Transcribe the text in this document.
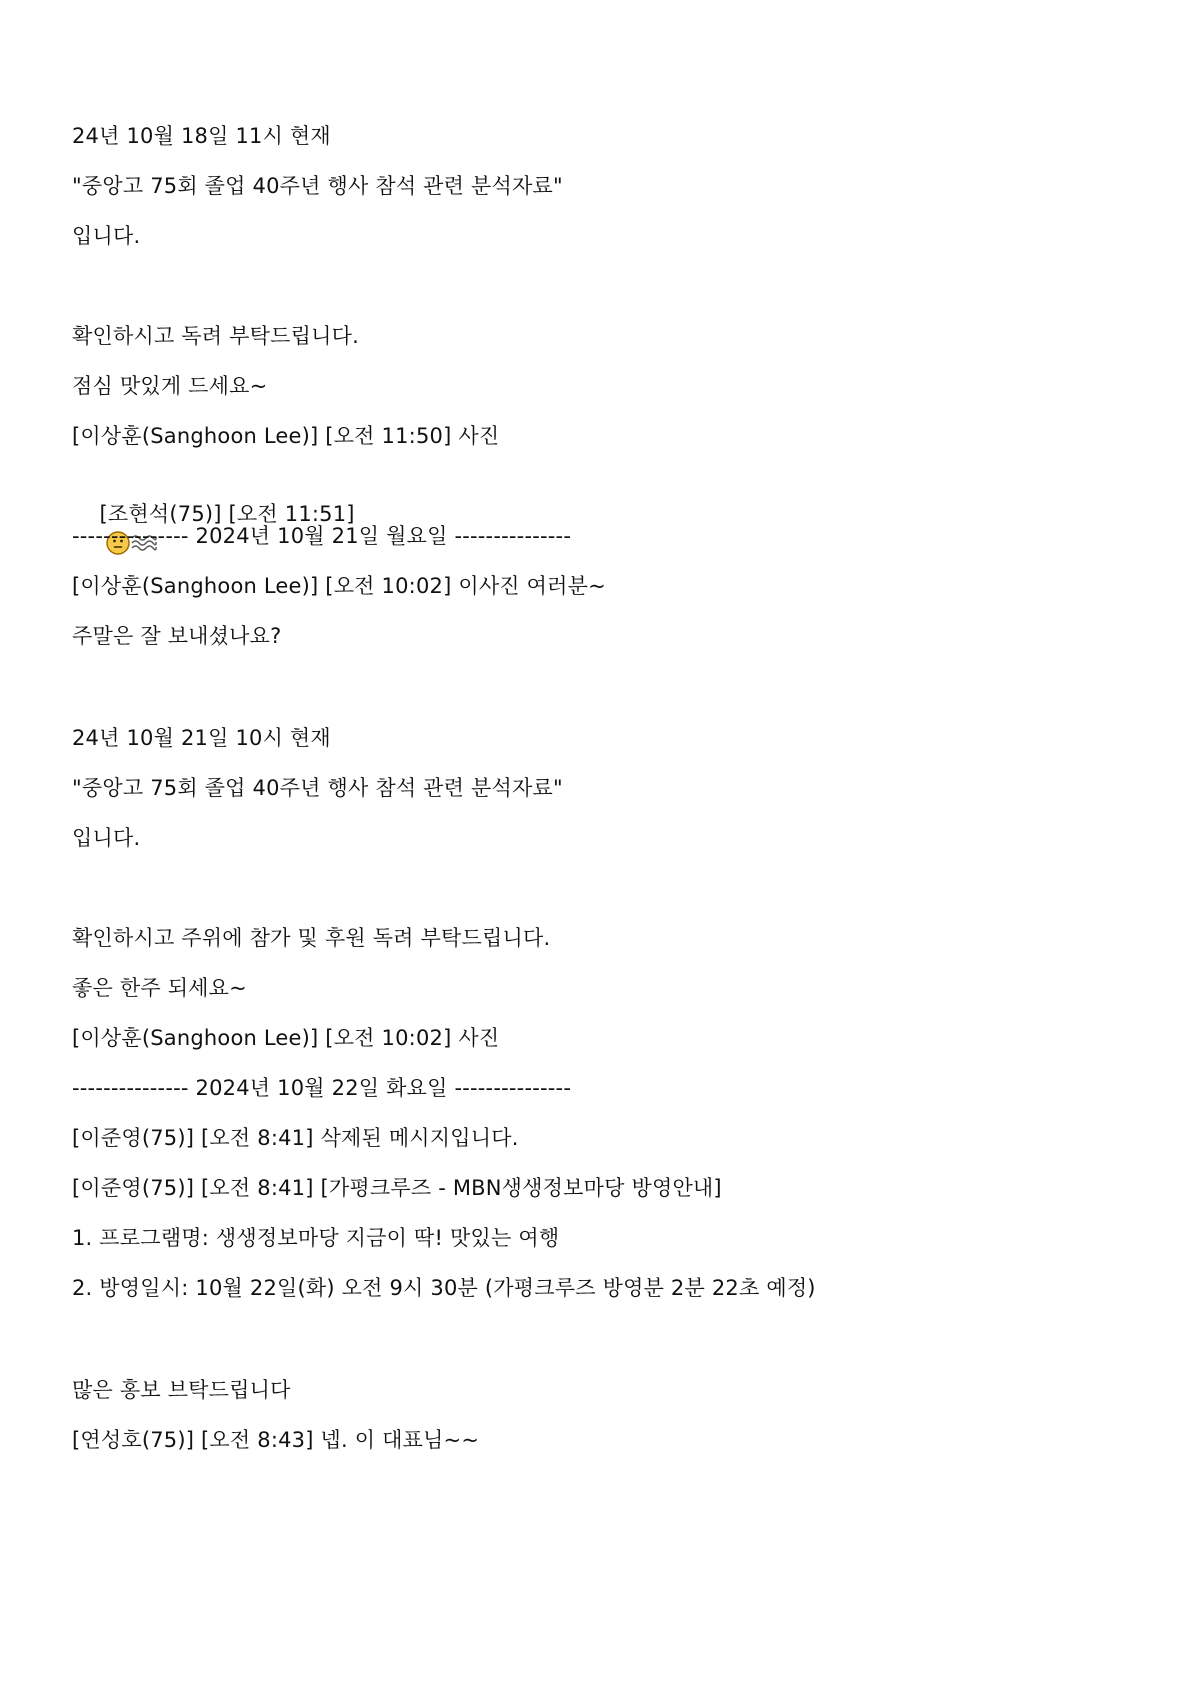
24년 10월 18일 11시 현재
"중앙고 75회 졸업 40주년 행사 참석 관련 분석자료"
입니다.
확인하시고 독려 부탁드립니다.
점심 맛있게 드세요~
[이상훈(Sanghoon Lee)] [오전 11:50] 사진

[조현석(75)] [오전 11:51]

--------------- 2024년 10월 21일 월요일 ---------------
[이상훈(Sanghoon Lee)] [오전 10:02] 이사진 여러분~
주말은 잘 보내셨나요?
24년 10월 21일 10시 현재
"중앙고 75회 졸업 40주년 행사 참석 관련 분석자료"
입니다.
확인하시고 주위에 참가 및 후원 독려 부탁드립니다.
좋은 한주 되세요~
[이상훈(Sanghoon Lee)] [오전 10:02] 사진
--------------- 2024년 10월 22일 화요일 ---------------
[이준영(75)] [오전 8:41] 삭제된 메시지입니다.
[이준영(75)] [오전 8:41] [가평크루즈 - MBN생생정보마당 방영안내]
1. 프로그램명: 생생정보마당 지금이 딱! 맛있는 여행
2. 방영일시: 10월 22일(화) 오전 9시 30분 (가평크루즈 방영분 2분 22초 예정)
많은 홍보 브탁드립니다
[연성호(75)] [오전 8:43] 넵. 이 대표님~~
